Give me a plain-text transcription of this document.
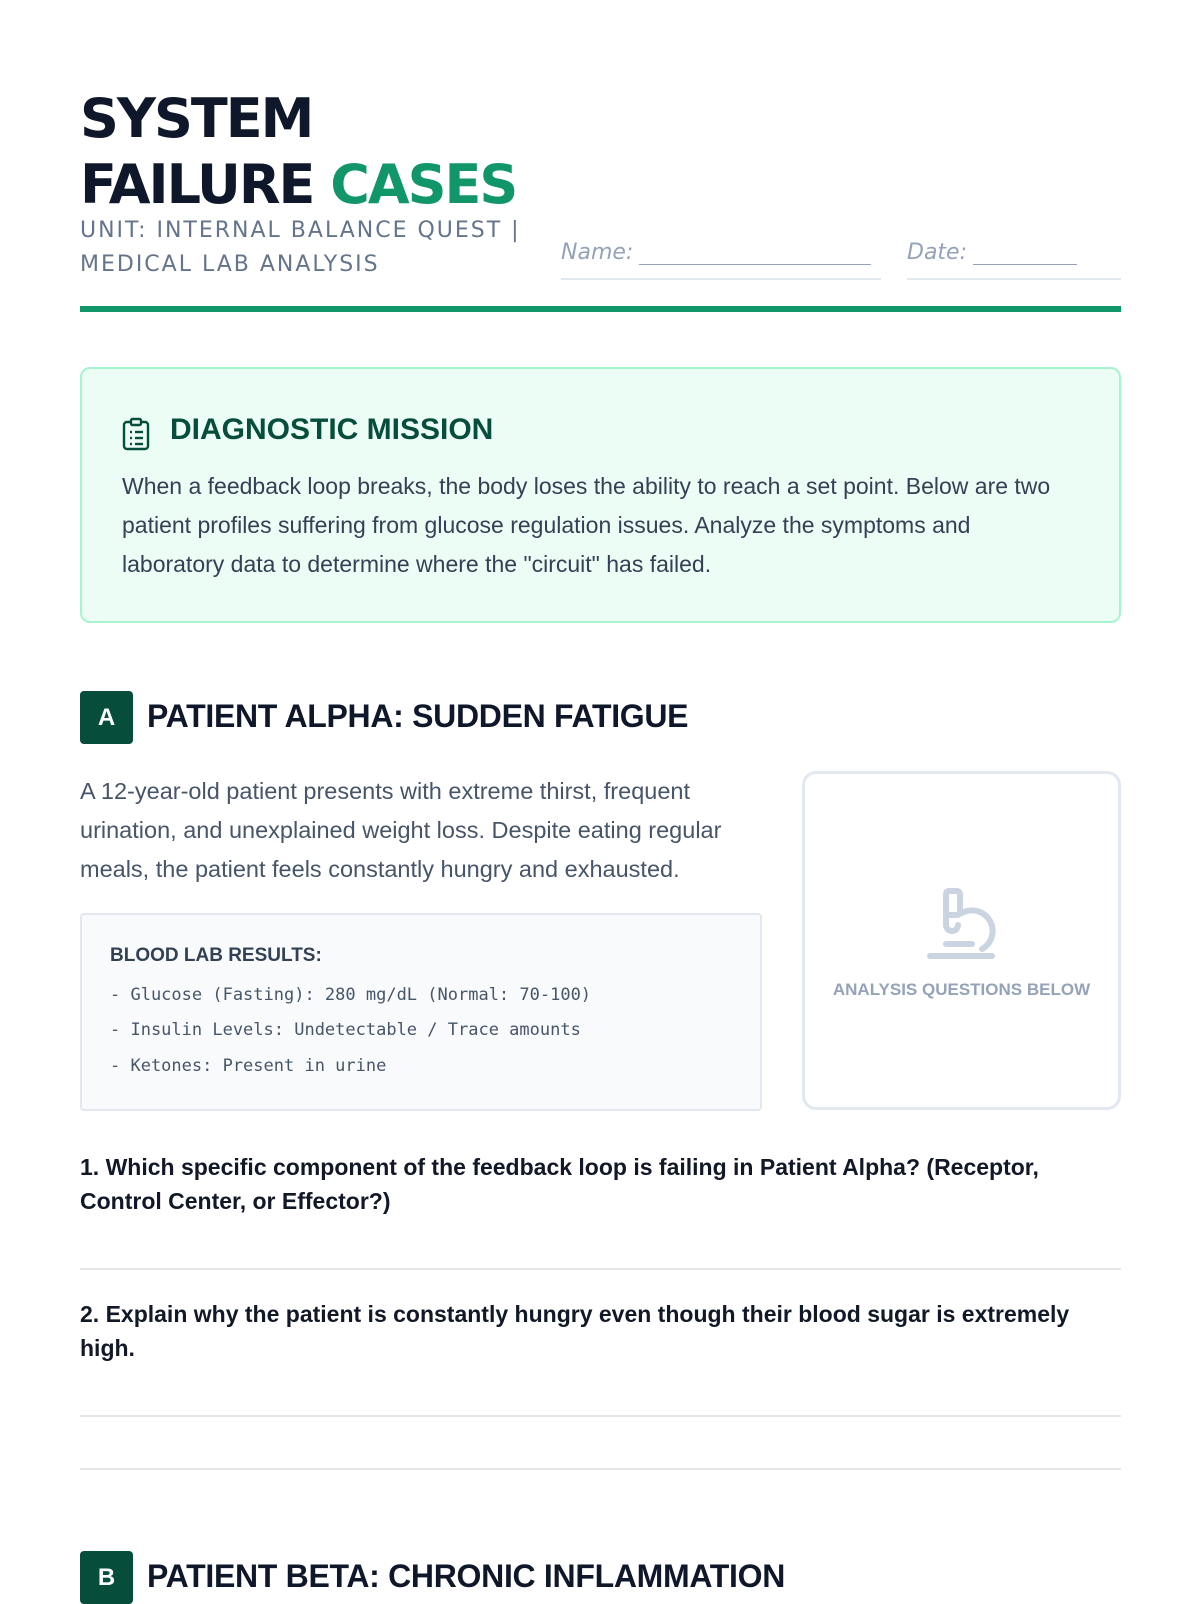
SYSTEM
FAILURE CASES
UNIT: INTERNAL BALANCE QUEST | MEDICAL LAB ANALYSIS	Name:	Date:
DIAGNOSTIC MISSION

When a feedback loop breaks, the body loses the ability to reach a set point. Below are two patient profiles suffering from glucose regulation issues. Analyze the symptoms and laboratory data to determine where the "circuit" has failed.

A PATIENT ALPHA: SUDDEN FATIGUE

A 12-year-old patient presents with extreme thirst, frequent urination, and unexplained weight loss. Despite eating regular meals, the patient feels constantly hungry and exhausted.

BLOOD LAB RESULTS:

- Glucose (Fasting): 280 mg/dL (Normal: 70-100)

- Insulin Levels: Undetectable / Trace amounts

- Ketones: Present in urine

ANALYSIS QUESTIONS BELOW

1. Which specific component of the feedback loop is failing in Patient Alpha? (Receptor, Control Center, or Effector?)

2. Explain why the patient is constantly hungry even though their blood sugar is extremely high.

B PATIENT BETA: CHRONIC INFLAMMATION
